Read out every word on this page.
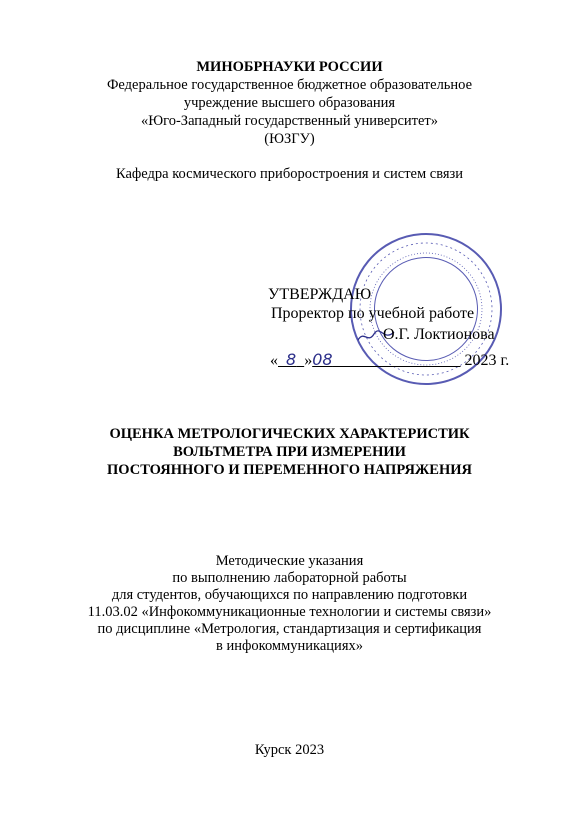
МИНОБРНАУКИ РОССИИ
Федеральное государственное бюджетное образовательное
учреждение высшего образования
«Юго-Западный государственный университет»
(ЮЗГУ)
Кафедра космического приборостроения и систем связи
УТВЕРЖДАЮ
Проректор по учебной работе
О.Г. Локтионова
« 8 »08	2023 г.
ОЦЕНКА МЕТРОЛОГИЧЕСКИХ ХАРАКТЕРИСТИК
ВОЛЬТМЕТРА ПРИ ИЗМЕРЕНИИ
ПОСТОЯННОГО И ПЕРЕМЕННОГО НАПРЯЖЕНИЯ
Методические указания
по выполнению лабораторной работы
для студентов, обучающихся по направлению подготовки
11.03.02 «Инфокоммуникационные технологии и системы связи»
по дисциплине «Метрология, стандартизация и сертификация
в инфокоммуникациях»
Курск 2023
